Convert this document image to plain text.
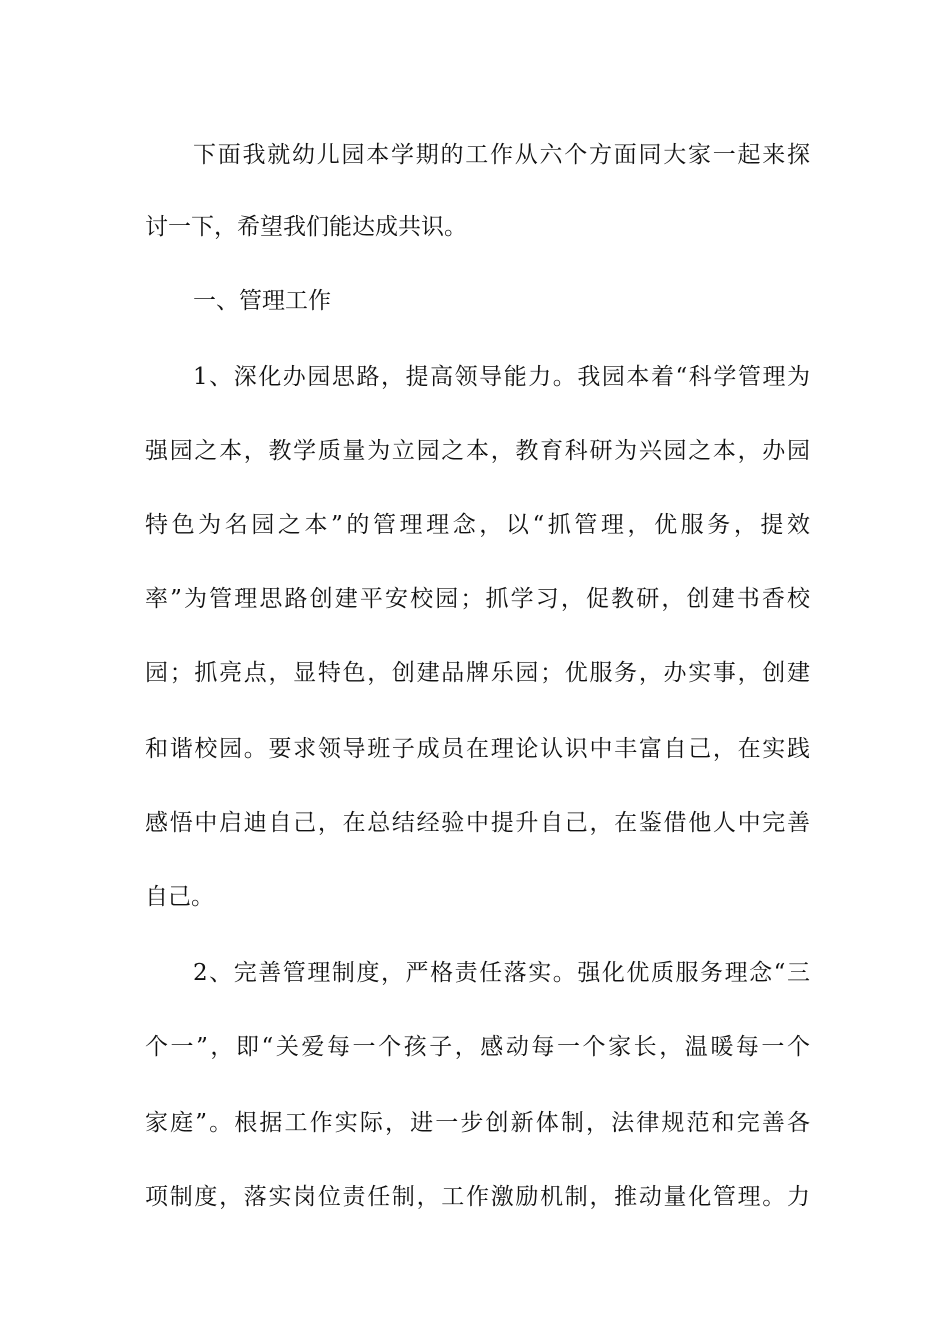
下面我就幼儿园本学期的工作从六个方面同大家一起来探
讨一下，希望我们能达成共识。
一、管理工作
1、深化办园思路，提高领导能力。我园本着“科学管理为
强园之本，教学质量为立园之本，教育科研为兴园之本，办园
特色为名园之本”的管理理念，以“抓管理，优服务，提效
率”为管理思路创建平安校园；抓学习，促教研，创建书香校
园；抓亮点，显特色，创建品牌乐园；优服务，办实事，创建
和谐校园。要求领导班子成员在理论认识中丰富自己，在实践
感悟中启迪自己，在总结经验中提升自己，在鉴借他人中完善
自己。
2、完善管理制度，严格责任落实。强化优质服务理念“三
个一”，即“关爱每一个孩子，感动每一个家长，温暖每一个
家庭”。根据工作实际，进一步创新体制，法律规范和完善各
项制度，落实岗位责任制，工作激励机制，推动量化管理。力
